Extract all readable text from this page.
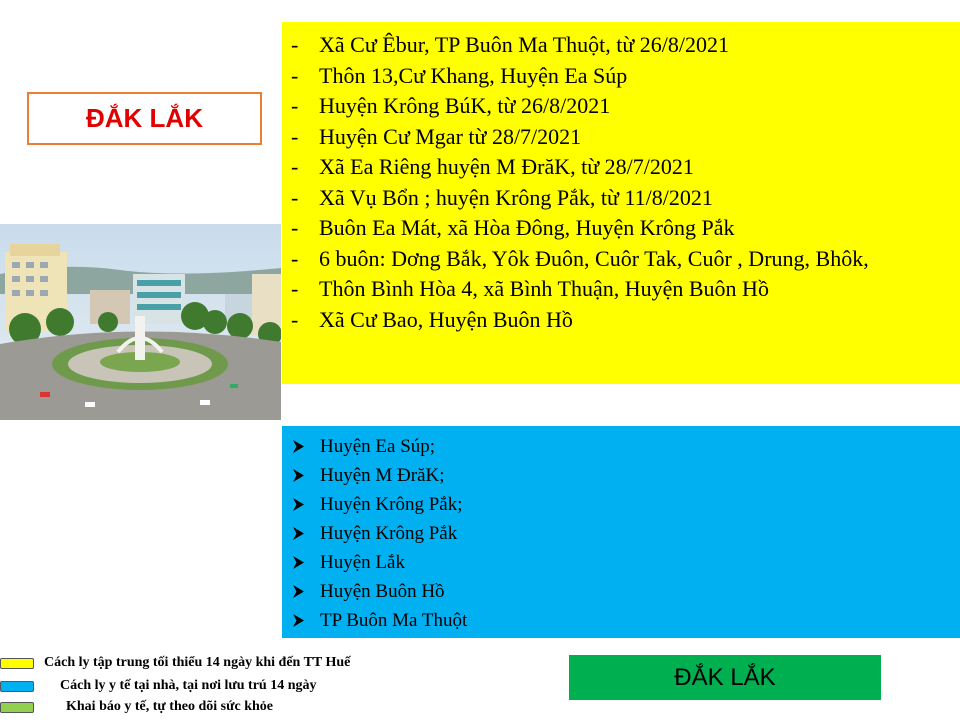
ĐẮK LẮK
- Xã Cư Êbur, TP Buôn Ma Thuột, từ 26/8/2021
- Thôn 13,Cư Khang, Huyện Ea Súp
- Huyện Krông BúK, từ 26/8/2021
- Huyện Cư Mgar từ 28/7/2021
- Xã Ea Riêng huyện M ĐrăK, từ 28/7/2021
- Xã Vụ Bổn ; huyện Krông Pắk, từ 11/8/2021
- Buôn Ea Mát, xã Hòa Đông, Huyện Krông Pắk
- 6 buôn: Dơng Bắk, Yôk Đuôn, Cuôr Tak, Cuôr , Drung, Bhôk,
- Thôn Bình Hòa 4, xã Bình Thuận, Huyện Buôn Hồ
- Xã Cư Bao, Huyện Buôn Hồ
Huyện Ea Súp;
Huyện M ĐrăK;
Huyện Krông Pắk;
Huyện Krông Pắk
Huyện Lắk
Huyện Buôn Hồ
TP Buôn Ma Thuột
Cách ly tập trung tối thiểu 14 ngày khi đến TT Huế
Cách ly y tế tại nhà, tại nơi lưu trú 14 ngày
Khai báo y tế, tự theo dõi sức khỏe
ĐẮK LẮK
